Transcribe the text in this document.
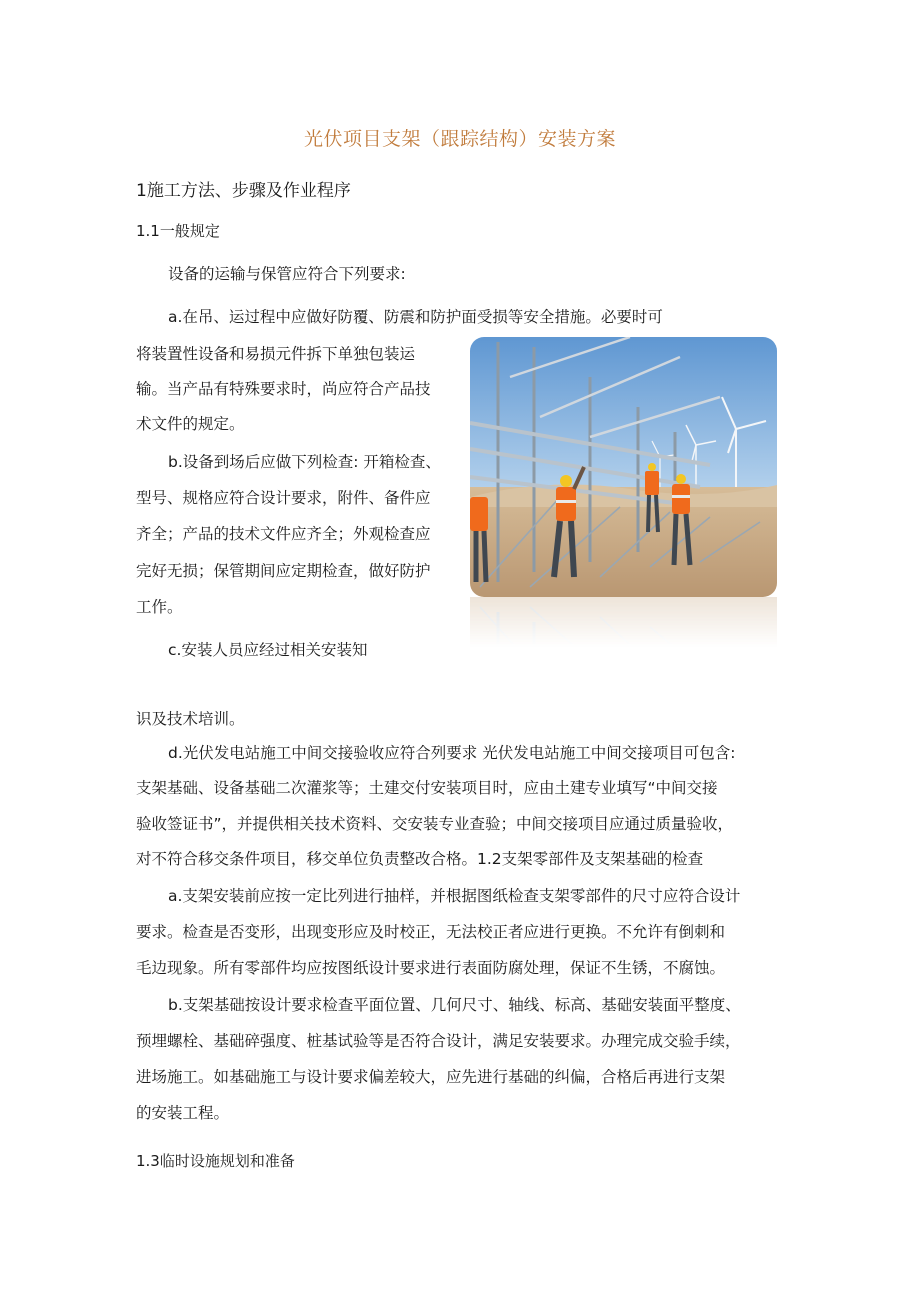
光伏项目支架（跟踪结构）安装方案
1施工方法、步骤及作业程序
1.1一般规定
设备的运输与保管应符合下列要求:
a.在吊、运过程中应做好防覆、防震和防护面受损等安全措施。必要时可
将装置性设备和易损元件拆下单独包装运
输。当产品有特殊要求时，尚应符合产品技
术文件的规定。
b.设备到场后应做下列检查: 开箱检查、
型号、规格应符合设计要求，附件、备件应
齐全；产品的技术文件应齐全；外观检查应
完好无损；保管期间应定期检查，做好防护
工作。
c.安装人员应经过相关安装知
识及技术培训。
d.光伏发电站施工中间交接验收应符合列要求 光伏发电站施工中间交接项目可包含:
支架基础、设备基础二次灌浆等；土建交付安装项目时，应由土建专业填写“中间交接
验收签证书”，并提供相关技术资料、交安装专业查验；中间交接项目应通过质量验收，
对不符合移交条件项目，移交单位负责整改合格。1.2支架零部件及支架基础的检查
a.支架安装前应按一定比列进行抽样，并根据图纸检查支架零部件的尺寸应符合设计
要求。检查是否变形，出现变形应及时校正，无法校正者应进行更换。不允许有倒刺和
毛边现象。所有零部件均应按图纸设计要求进行表面防腐处理，保证不生锈，不腐蚀。
b.支架基础按设计要求检查平面位置、几何尺寸、轴线、标高、基础安装面平整度、
预埋螺栓、基础碎强度、桩基试验等是否符合设计，满足安装要求。办理完成交验手续，
进场施工。如基础施工与设计要求偏差较大，应先进行基础的纠偏，合格后再进行支架
的安装工程。
1.3临时设施规划和准备
